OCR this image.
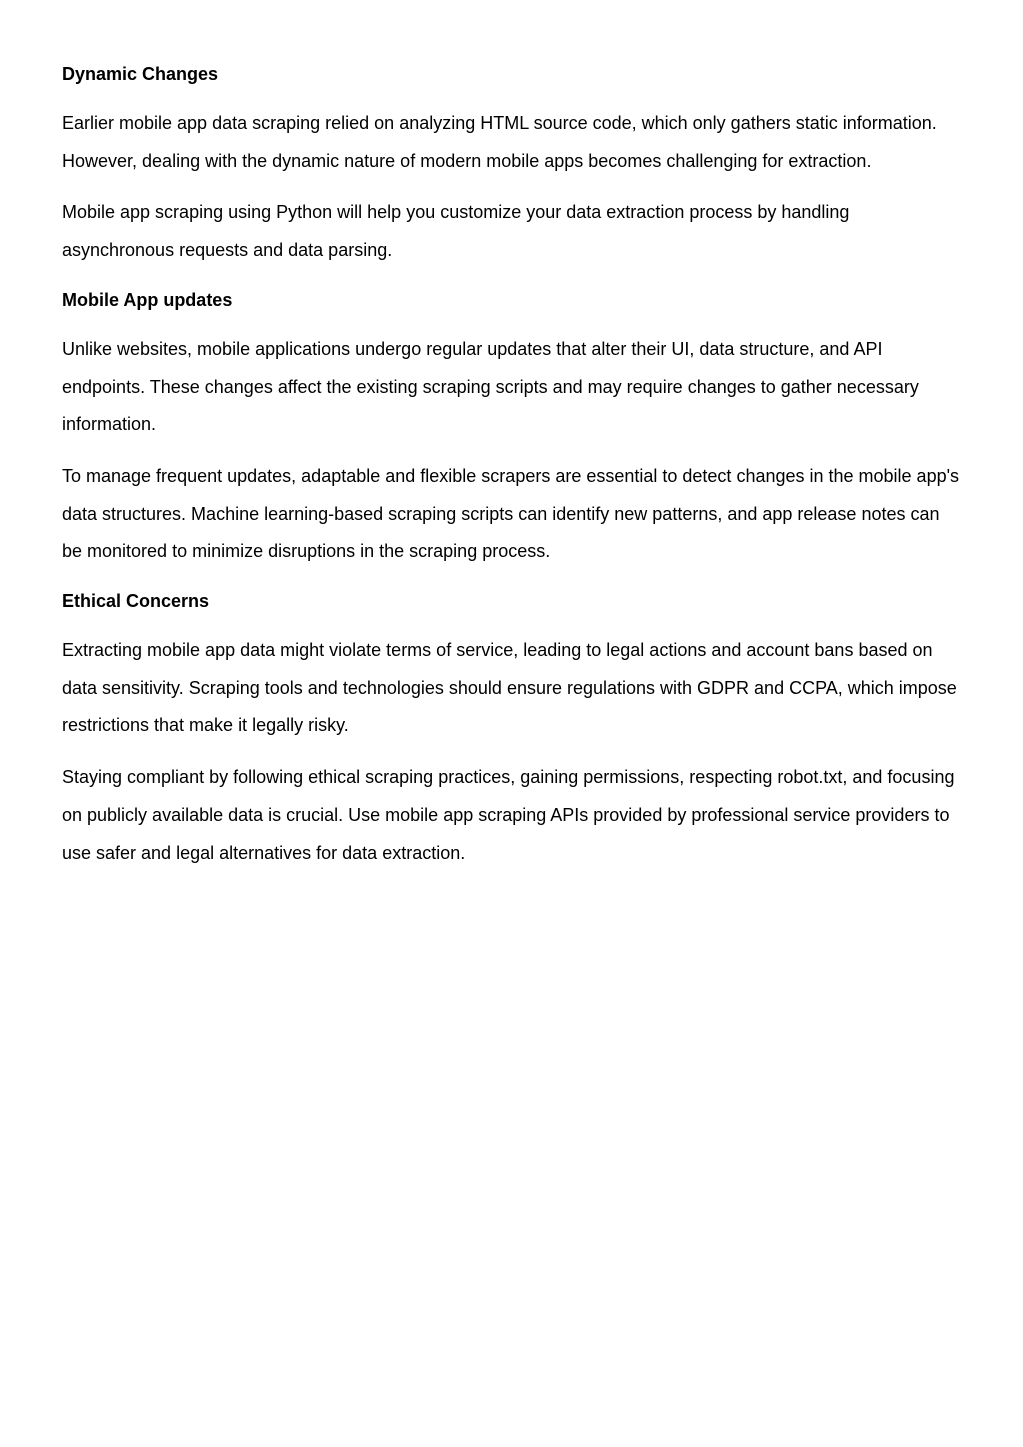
Dynamic Changes

Earlier mobile app data scraping relied on analyzing HTML source code, which only gathers static information. However, dealing with the dynamic nature of modern mobile apps becomes challenging for extraction.

Mobile app scraping using Python will help you customize your data extraction process by handling asynchronous requests and data parsing.

Mobile App updates

Unlike websites, mobile applications undergo regular updates that alter their UI, data structure, and API endpoints. These changes affect the existing scraping scripts and may require changes to gather necessary information.

To manage frequent updates, adaptable and flexible scrapers are essential to detect changes in the mobile app's data structures. Machine learning-based scraping scripts can identify new patterns, and app release notes can be monitored to minimize disruptions in the scraping process.

Ethical Concerns

Extracting mobile app data might violate terms of service, leading to legal actions and account bans based on data sensitivity. Scraping tools and technologies should ensure regulations with GDPR and CCPA, which impose restrictions that make it legally risky.

Staying compliant by following ethical scraping practices, gaining permissions, respecting robot.txt, and focusing on publicly available data is crucial. Use mobile app scraping APIs provided by professional service providers to use safer and legal alternatives for data extraction.
